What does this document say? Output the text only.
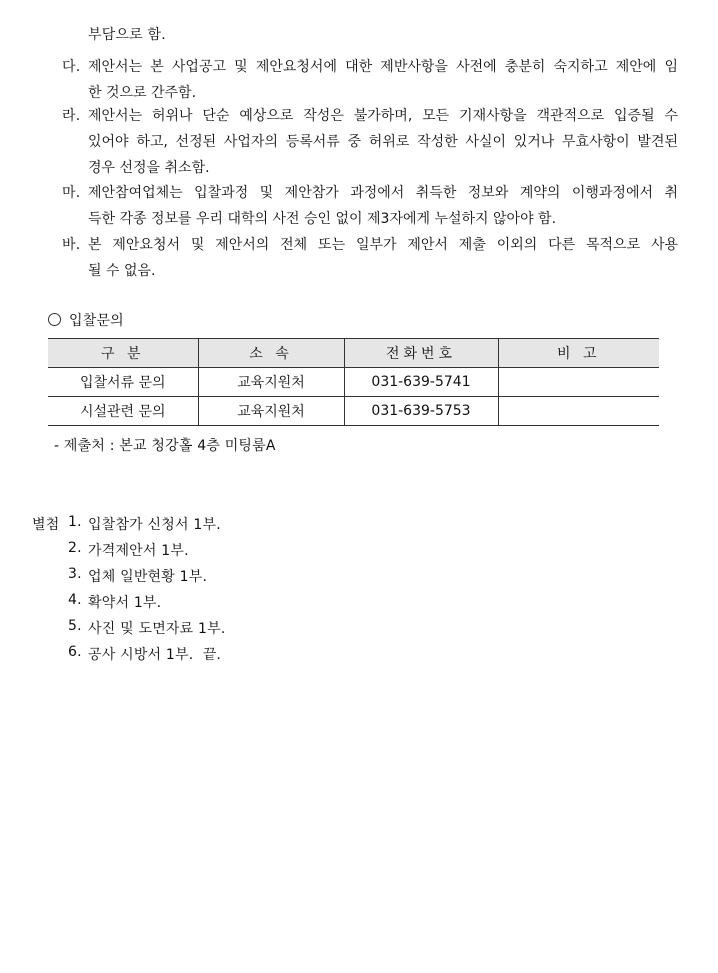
부담으로 함.
다. 제안서는 본 사업공고 및 제안요청서에 대한 제반사항을 사전에 충분히 숙지하고 제안에 임
한 것으로 간주함.
라. 제안서는 허위나 단순 예상으로 작성은 불가하며, 모든 기재사항을 객관적으로 입증될 수
있어야 하고, 선정된 사업자의 등록서류 중 허위로 작성한 사실이 있거나 무효사항이 발견된
경우 선정을 취소함.
마. 제안참여업체는 입찰과정 및 제안참가 과정에서 취득한 정보와 계약의 이행과정에서 취
득한 각종 정보를 우리 대학의 사전 승인 없이 제3자에게 누설하지 않아야 함.
바. 본 제안요청서 및 제안서의 전체 또는 일부가 제안서 제출 이외의 다른 목적으로 사용
될 수 없음.
입찰문의
구 분	소 속	전화번호	비 고
입찰서류 문의	교육지원처	031-639-5741	
시설관련 문의	교육지원처	031-639-5753	
- 제출처 : 본교 청강홀 4층 미팅룸A
별첨 1. 입찰참가 신청서 1부.
2. 가격제안서 1부.
3. 업체 일반현황 1부.
4. 확약서 1부.
5. 사진 및 도면자료 1부.
6. 공사 시방서 1부.  끝.
